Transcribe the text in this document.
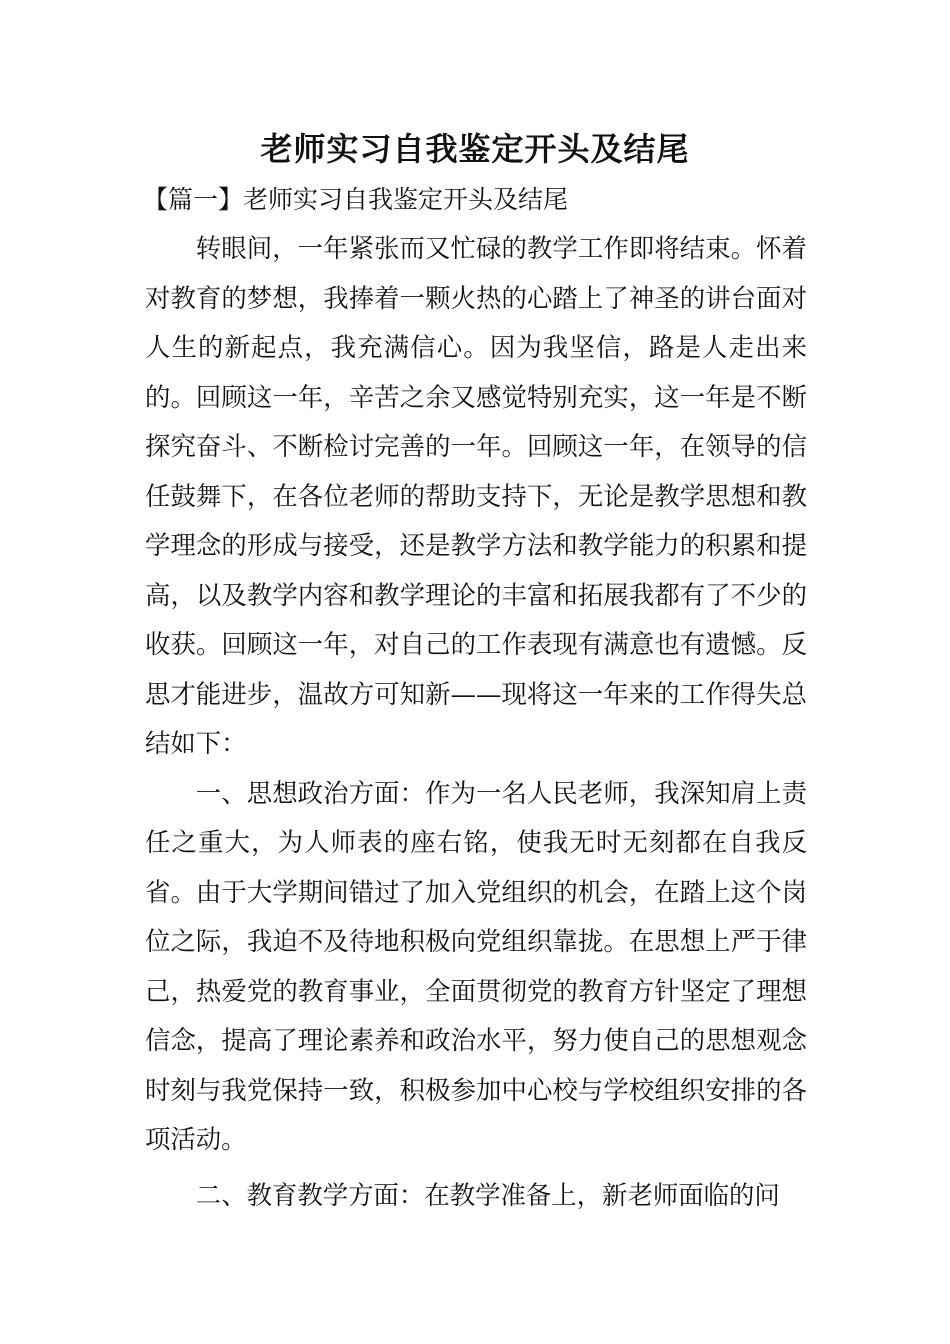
老师实习自我鉴定开头及结尾
【篇一】老师实习自我鉴定开头及结尾

转眼间，一年紧张而又忙碌的教学工作即将结束。怀着对教育的梦想，我捧着一颗火热的心踏上了神圣的讲台面对人生的新起点，我充满信心。因为我坚信，路是人走出来的。回顾这一年，辛苦之余又感觉特别充实，这一年是不断探究奋斗、不断检讨完善的一年。回顾这一年，在领导的信任鼓舞下，在各位老师的帮助支持下，无论是教学思想和教学理念的形成与接受，还是教学方法和教学能力的积累和提高，以及教学内容和教学理论的丰富和拓展我都有了不少的收获。回顾这一年，对自己的工作表现有满意也有遗憾。反思才能进步，温故方可知新——现将这一年来的工作得失总结如下：

一、思想政治方面：作为一名人民老师，我深知肩上责任之重大，为人师表的座右铭，使我无时无刻都在自我反省。由于大学期间错过了加入党组织的机会，在踏上这个岗位之际，我迫不及待地积极向党组织靠拢。在思想上严于律己，热爱党的教育事业，全面贯彻党的教育方针坚定了理想信念，提高了理论素养和政治水平，努力使自己的思想观念时刻与我党保持一致，积极参加中心校与学校组织安排的各项活动。

二、教育教学方面：在教学准备上，新老师面临的问
